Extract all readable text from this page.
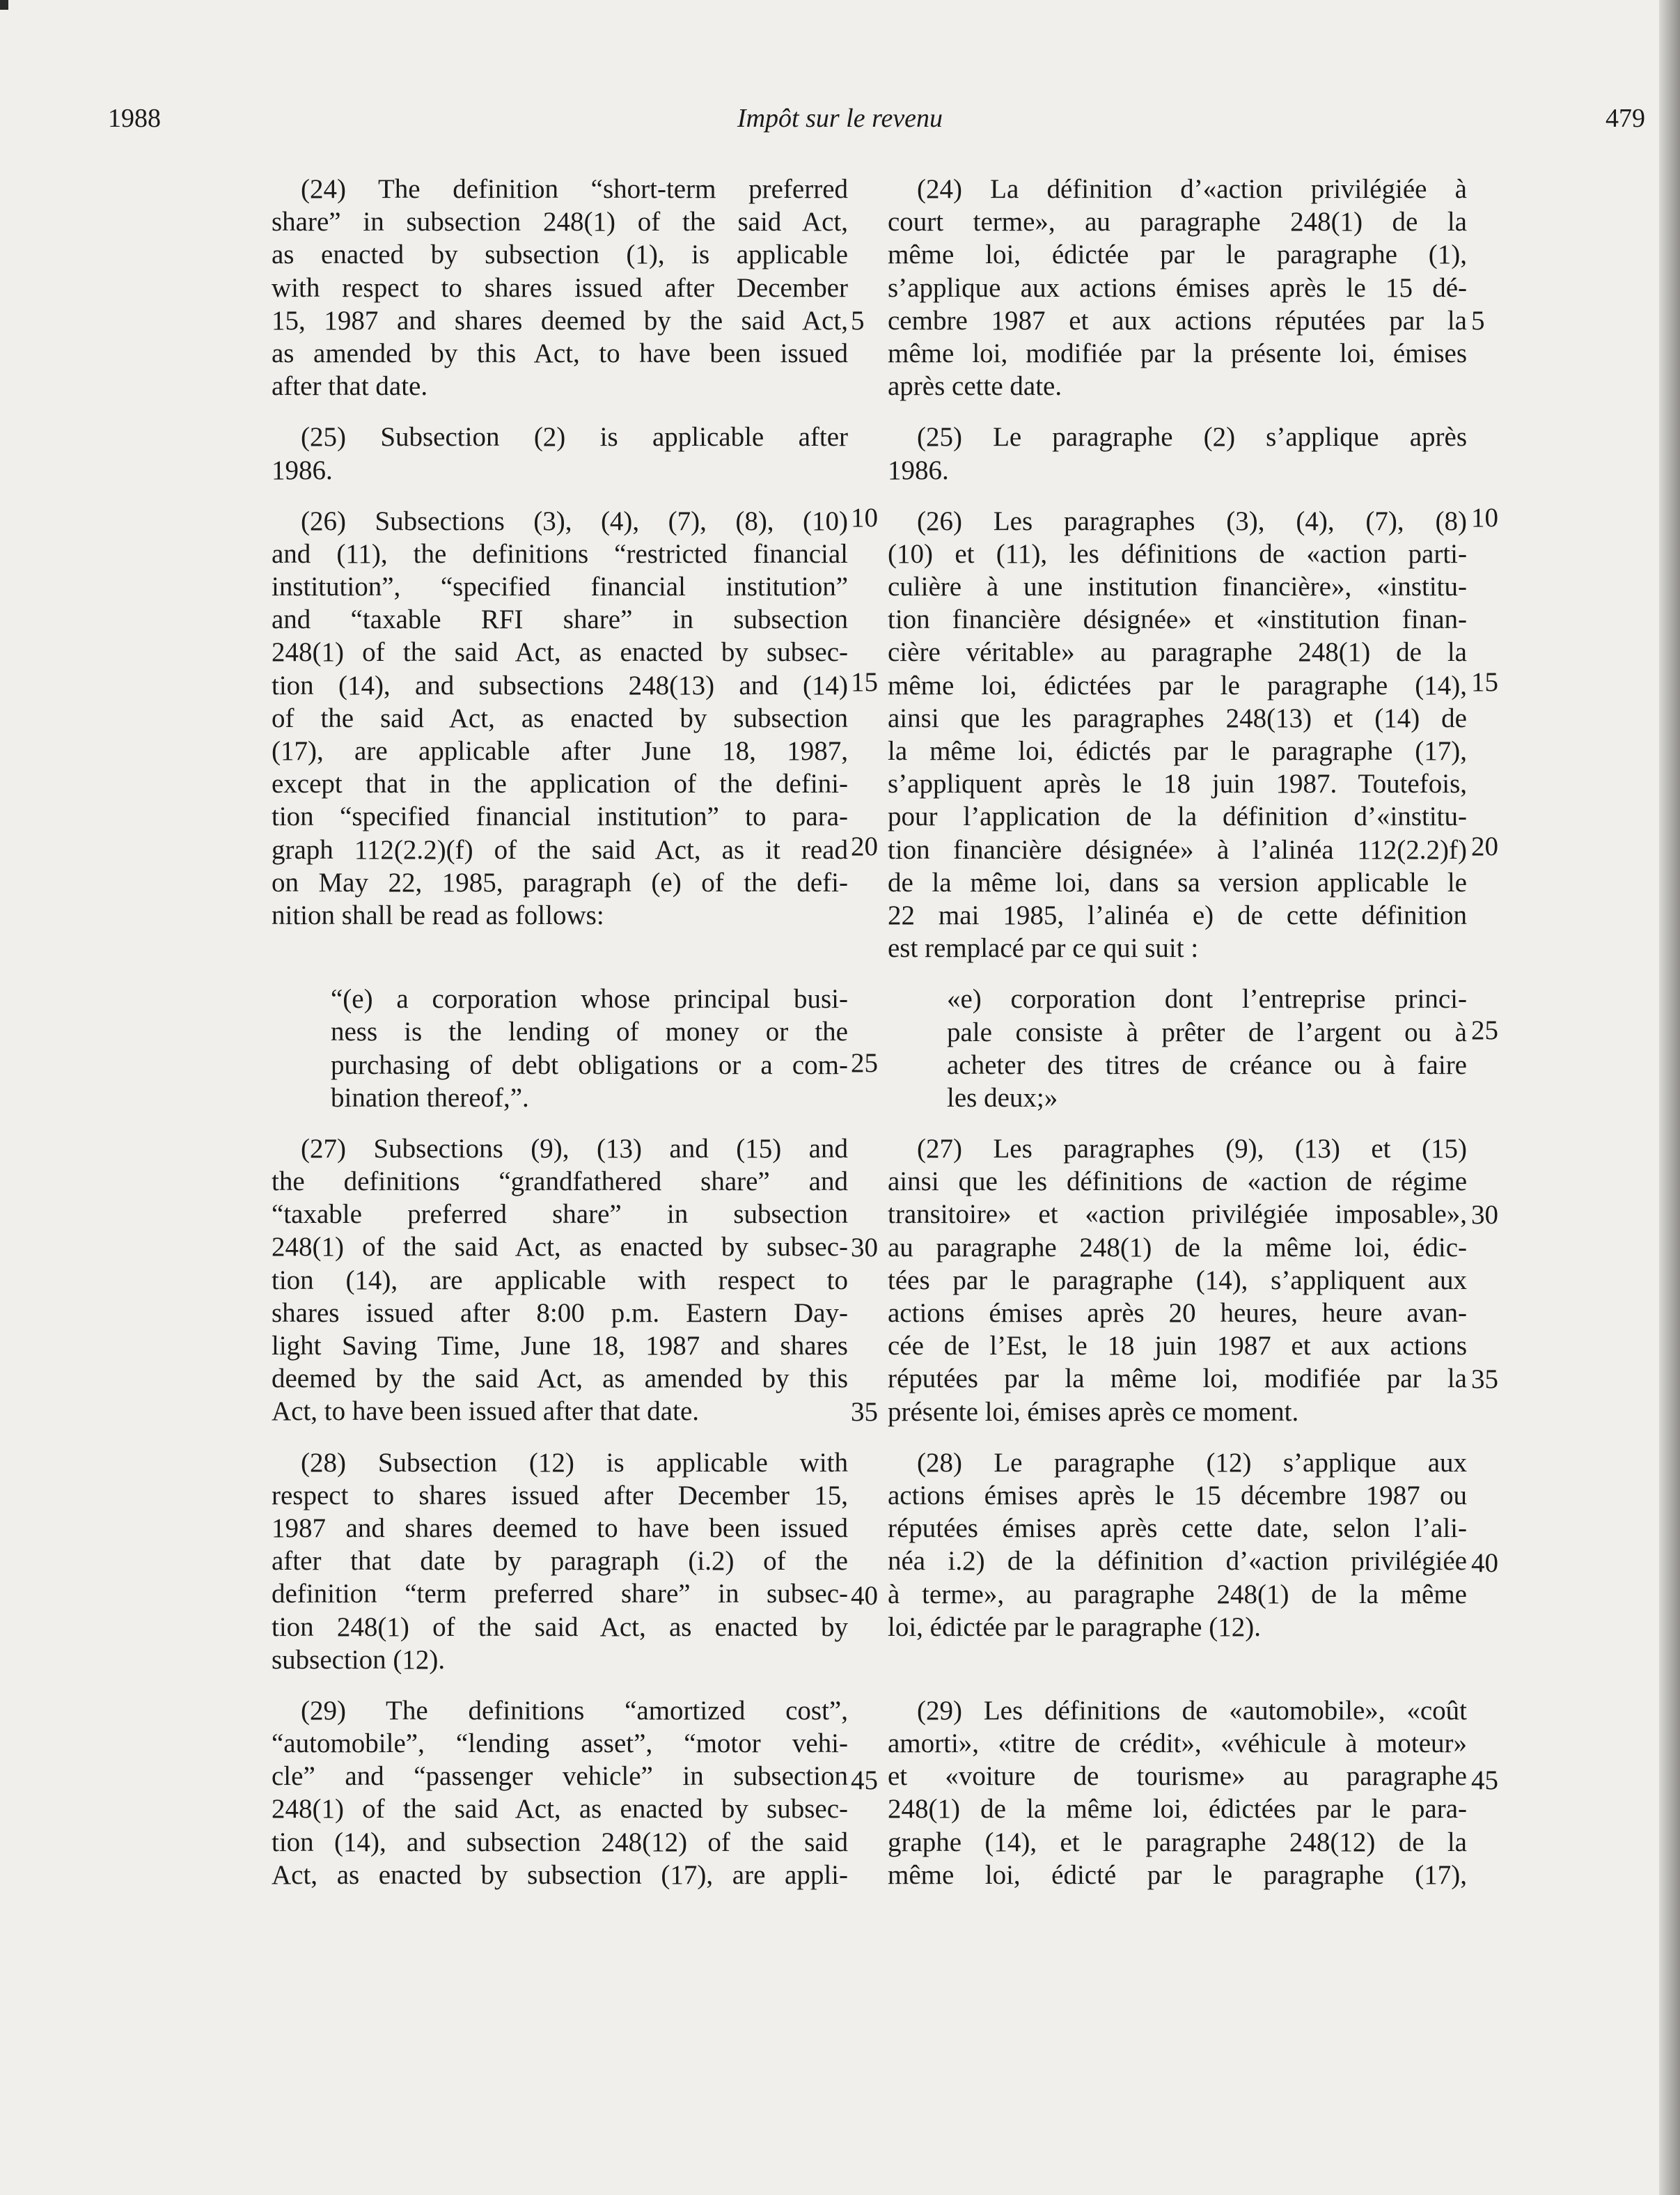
1988	Impôt sur le revenu	479
(24) The definition “short-term preferred
share” in subsection 248(1) of the said Act,
as enacted by subsection (1), is applicable
with respect to shares issued after December
15, 1987 and shares deemed by the said Act,
as amended by this Act, to have been issued
after that date.
(25) Subsection (2) is applicable after
1986.
(26) Subsections (3), (4), (7), (8), (10)
and (11), the definitions “restricted financial
institution”, “specified financial institution”
and “taxable RFI share” in subsection
248(1) of the said Act, as enacted by subsec-
tion (14), and subsections 248(13) and (14)
of the said Act, as enacted by subsection
(17), are applicable after June 18, 1987,
except that in the application of the defini-
tion “specified financial institution” to para-
graph 112(2.2)(f) of the said Act, as it read
on May 22, 1985, paragraph (e) of the defi-
nition shall be read as follows:
“(e) a corporation whose principal busi-
ness is the lending of money or the
purchasing of debt obligations or a com-
bination thereof,”.
(27) Subsections (9), (13) and (15) and
the definitions “grandfathered share” and
“taxable preferred share” in subsection
248(1) of the said Act, as enacted by subsec-
tion (14), are applicable with respect to
shares issued after 8:00 p.m. Eastern Day-
light Saving Time, June 18, 1987 and shares
deemed by the said Act, as amended by this
Act, to have been issued after that date.
(28) Subsection (12) is applicable with
respect to shares issued after December 15,
1987 and shares deemed to have been issued
after that date by paragraph (i.2) of the
definition “term preferred share” in subsec-
tion 248(1) of the said Act, as enacted by
subsection (12).
(29) The definitions “amortized cost”,
“automobile”, “lending asset”, “motor vehi-
cle” and “passenger vehicle” in subsection
248(1) of the said Act, as enacted by subsec-
tion (14), and subsection 248(12) of the said
Act, as enacted by subsection (17), are appli-
(24) La définition d’«action privilégiée à
court terme», au paragraphe 248(1) de la
même loi, édictée par le paragraphe (1),
s’applique aux actions émises après le 15 dé-
cembre 1987 et aux actions réputées par la
même loi, modifiée par la présente loi, émises
après cette date.
(25) Le paragraphe (2) s’applique après
1986.
(26) Les paragraphes (3), (4), (7), (8)
(10) et (11), les définitions de «action parti-
culière à une institution financière», «institu-
tion financière désignée» et «institution finan-
cière véritable» au paragraphe 248(1) de la
même loi, édictées par le paragraphe (14),
ainsi que les paragraphes 248(13) et (14) de
la même loi, édictés par le paragraphe (17),
s’appliquent après le 18 juin 1987. Toutefois,
pour l’application de la définition d’«institu-
tion financière désignée» à l’alinéa 112(2.2)f)
de la même loi, dans sa version applicable le
22 mai 1985, l’alinéa e) de cette définition
est remplacé par ce qui suit :
«e) corporation dont l’entreprise princi-
pale consiste à prêter de l’argent ou à
acheter des titres de créance ou à faire
les deux;»
(27) Les paragraphes (9), (13) et (15)
ainsi que les définitions de «action de régime
transitoire» et «action privilégiée imposable»,
au paragraphe 248(1) de la même loi, édic-
tées par le paragraphe (14), s’appliquent aux
actions émises après 20 heures, heure avan-
cée de l’Est, le 18 juin 1987 et aux actions
réputées par la même loi, modifiée par la
présente loi, émises après ce moment.
(28) Le paragraphe (12) s’applique aux
actions émises après le 15 décembre 1987 ou
réputées émises après cette date, selon l’ali-
néa i.2) de la définition d’«action privilégiée
à terme», au paragraphe 248(1) de la même
loi, édictée par le paragraphe (12).
(29) Les définitions de «automobile», «coût
amorti», «titre de crédit», «véhicule à moteur»
et «voiture de tourisme» au paragraphe
248(1) de la même loi, édictées par le para-
graphe (14), et le paragraphe 248(12) de la
même loi, édicté par le paragraphe (17),
5
10
15
20
25
30
35
40
45
5
10
15
20
25
30
35
40
45
